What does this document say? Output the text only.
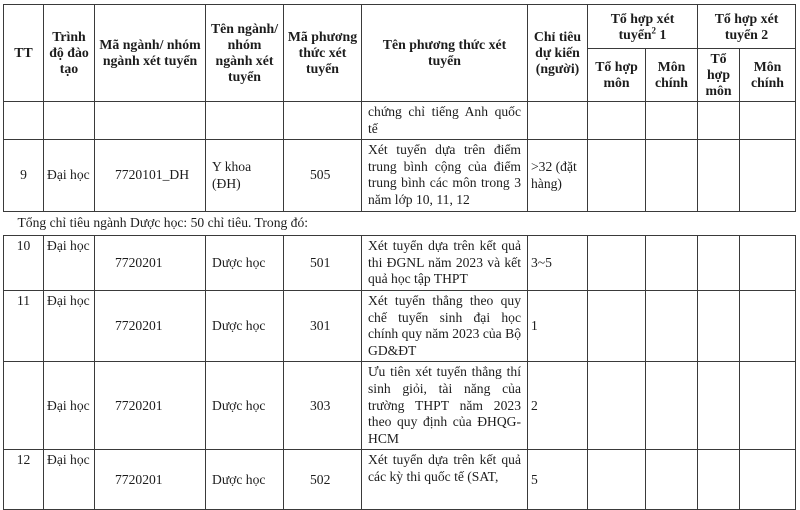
TT	Trình độ đào tạo	Mã ngành/ nhóm ngành xét tuyển	Tên ngành/ nhóm ngành xét tuyển	Mã phương thức xét tuyển	Tên phương thức xét tuyển	Chỉ tiêu dự kiến (người)	Tổ hợp xét tuyển$^2$ 1		Tổ hợp xét tuyển 2	
							Tổ hợp môn	Môn chính	Tổ hợp môn	Môn chính
					chứng chỉ tiếng Anh quốc tế					
9	Đại học	7720101_DH	Y khoa (ĐH)	505	Xét tuyển dựa trên điểm trung bình cộng của điểm trung bình các môn trong 3 năm lớp 10, 11, 12	>32 (đặt hàng)				
Tổng chỉ tiêu ngành Dược học: 50 chỉ tiêu. Trong đó:										
10	Đại học	7720201	Dược học	501	Xét tuyển dựa trên kết quả thi ĐGNL năm 2023 và kết quả học tập THPT	3~5				
11	Đại học	7720201	Dược học	301	Xét tuyển thẳng theo quy chế tuyển sinh đại học chính quy năm 2023 của Bộ GD&ĐT	1				
	Đại học	7720201	Dược học	303	Ưu tiên xét tuyển thẳng thí sinh giỏi, tài năng của trường THPT năm 2023 theo quy định của ĐHQG-HCM	2				
12	Đại học	7720201	Dược học	502	Xét tuyển dựa trên kết quả các kỳ thi quốc tế (SAT,	5				
